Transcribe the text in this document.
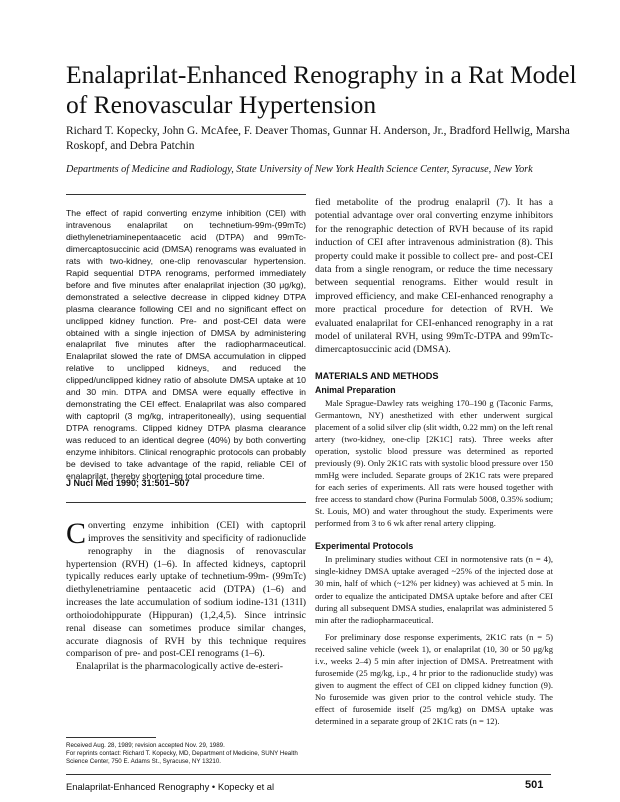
Enalaprilat-Enhanced Renography in a Rat Model of Renovascular Hypertension
Richard T. Kopecky, John G. McAfee, F. Deaver Thomas, Gunnar H. Anderson, Jr., Bradford Hellwig, Marsha Roskopf, and Debra Patchin
Departments of Medicine and Radiology, State University of New York Health Science Center, Syracuse, New York

The effect of rapid converting enzyme inhibition (CEI) with intravenous enalaprilat on technetium-99m-(99mTc) diethylenetriaminepentaacetic acid (DTPA) and 99mTc-dimercaptosuccinic acid (DMSA) renograms was evaluated in rats with two-kidney, one-clip renovascular hypertension. Rapid sequential DTPA renograms, performed immediately before and five minutes after enalaprilat injection (30 μg/kg), demonstrated a selective decrease in clipped kidney DTPA plasma clearance following CEI and no significant effect on unclipped kidney function. Pre- and post-CEI data were obtained with a single injection of DMSA by administering enalaprilat five minutes after the radiopharmaceutical. Enalaprilat slowed the rate of DMSA accumulation in clipped relative to unclipped kidneys, and reduced the clipped/unclipped kidney ratio of absolute DMSA uptake at 10 and 30 min. DTPA and DMSA were equally effective in demonstrating the CEI effect. Enalaprilat was also compared with captopril (3 mg/kg, intraperitoneally), using sequential DTPA renograms. Clipped kidney DTPA plasma clearance was reduced to an identical degree (40%) by both converting enzyme inhibitors. Clinical renographic protocols can probably be devised to take advantage of the rapid, reliable CEI of enalaprilat, thereby shortening total procedure time.

J Nucl Med 1990; 31:501–507

Converting enzyme inhibition (CEI) with captopril improves the sensitivity and specificity of radionuclide renography in the diagnosis of renovascular hypertension (RVH) (1–6). In affected kidneys, captopril typically reduces early uptake of technetium-99m- (99mTc) diethylenetriamine pentaacetic acid (DTPA) (1–6) and increases the late accumulation of sodium iodine-131 (131I) orthoiodohippurate (Hippuran) (1,2,4,5). Since intrinsic renal disease can sometimes produce similar changes, accurate diagnosis of RVH by this technique requires comparison of pre- and post-CEI renograms (1–6).

Enalaprilat is the pharmacologically active de-esteri-

Received Aug. 28, 1989; revision accepted Nov. 29, 1989.

For reprints contact: Richard T. Kopecky, MD, Department of Medicine, SUNY Health Science Center, 750 E. Adams St., Syracuse, NY 13210.

fied metabolite of the prodrug enalapril (7). It has a potential advantage over oral converting enzyme inhibitors for the renographic detection of RVH because of its rapid induction of CEI after intravenous administration (8). This property could make it possible to collect pre- and post-CEI data from a single renogram, or reduce the time necessary between sequential renograms. Either would result in improved efficiency, and make CEI-enhanced renography a more practical procedure for detection of RVH. We evaluated enalaprilat for CEI-enhanced renography in a rat model of unilateral RVH, using 99mTc-DTPA and 99mTc-dimercaptosuccinic acid (DMSA).

MATERIALS AND METHODS
Animal Preparation

Male Sprague-Dawley rats weighing 170–190 g (Taconic Farms, Germantown, NY) anesthetized with ether underwent surgical placement of a solid silver clip (slit width, 0.22 mm) on the left renal artery (two-kidney, one-clip [2K1C] rats). Three weeks after operation, systolic blood pressure was determined as reported previously (9). Only 2K1C rats with systolic blood pressure over 150 mmHg were included. Separate groups of 2K1C rats were prepared for each series of experiments. All rats were housed together with free access to standard chow (Purina Formulab 5008, 0.35% sodium; St. Louis, MO) and water throughout the study. Experiments were performed from 3 to 6 wk after renal artery clipping.

Experimental Protocols

In preliminary studies without CEI in normotensive rats (n = 4), single-kidney DMSA uptake averaged ~25% of the injected dose at 30 min, half of which (~12% per kidney) was achieved at 5 min. In order to equalize the anticipated DMSA uptake before and after CEI during all subsequent DMSA studies, enalaprilat was administered 5 min after the radiopharmaceutical.

For preliminary dose response experiments, 2K1C rats (n = 5) received saline vehicle (week 1), or enalaprilat (10, 30 or 50 μg/kg i.v., weeks 2–4) 5 min after injection of DMSA. Pretreatment with furosemide (25 mg/kg, i.p., 4 hr prior to the radionuclide study) was given to augment the effect of CEI on clipped kidney function (9). No furosemide was given prior to the control vehicle study. The effect of furosemide itself (25 mg/kg) on DMSA uptake was determined in a separate group of 2K1C rats (n = 12).

Enalaprilat-Enhanced Renography • Kopecky et al	501
